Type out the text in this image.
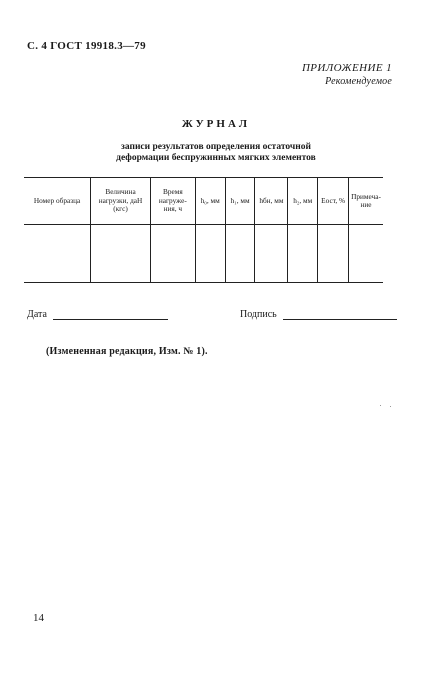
С. 4 ГОСТ 19918.3—79
ПРИЛОЖЕНИЕ 1
Рекомендуемое
ЖУРНАЛ
записи результатов определения остаточной
деформации беспружинных мягких элементов
Номер образца	Величина нагрузки, даН (кгс)	Время нагруже-ния, ч	h₀, мм	h₁, мм	hбн, мм	h₂, мм	Еост, %	Примеча-ние

Дата	Подпись
(Измененная редакция, Изм. № 1).
14
